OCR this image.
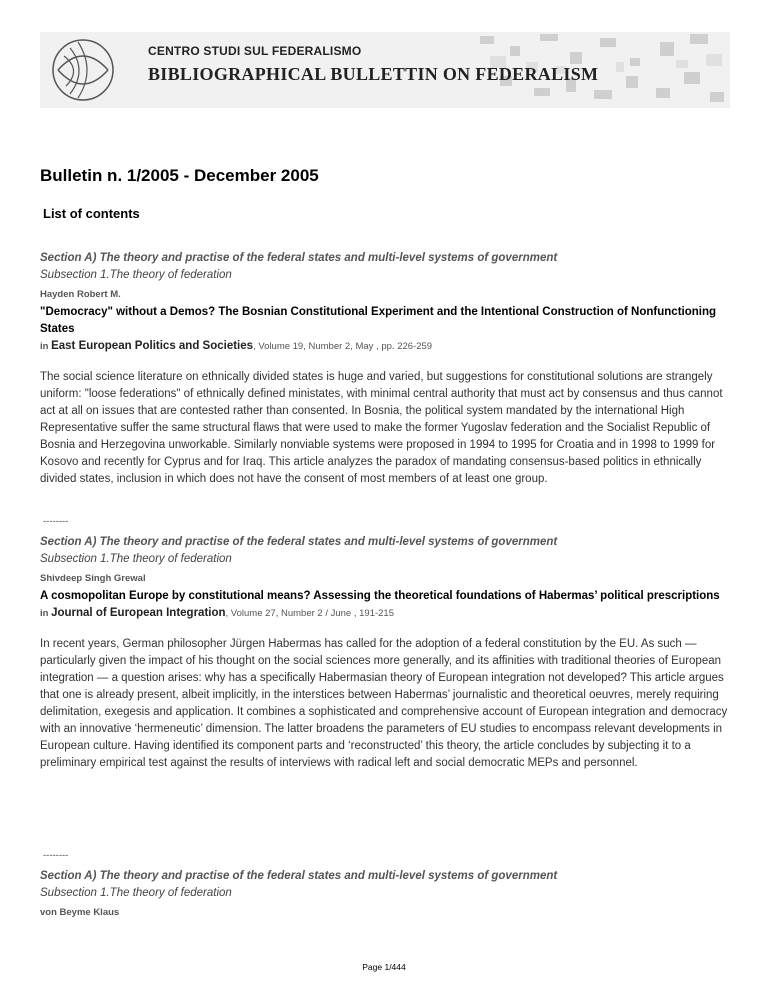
CENTRO STUDI SUL FEDERALISMO
BIBLIOGRAPHICAL BULLETTIN ON FEDERALISM
Bulletin n. 1/2005 - December 2005
List of contents
Section A) The theory and practise of the federal states and multi-level systems of government
Subsection 1.The theory of federation
Hayden Robert M.
"Democracy" without a Demos? The Bosnian Constitutional Experiment and the Intentional Construction of Nonfunctioning States
in East European Politics and Societies, Volume 19, Number 2, May , pp. 226-259
The social science literature on ethnically divided states is huge and varied, but suggestions for constitutional solutions are strangely uniform: "loose federations" of ethnically defined ministates, with minimal central authority that must act by consensus and thus cannot act at all on issues that are contested rather than consented. In Bosnia, the political system mandated by the international High Representative suffer the same structural flaws that were used to make the former Yugoslav federation and the Socialist Republic of Bosnia and Herzegovina unworkable. Similarly nonviable systems were proposed in 1994 to 1995 for Croatia and in 1998 to 1999 for Kosovo and recently for Cyprus and for Iraq. This article analyzes the paradox of mandating consensus-based politics in ethnically divided states, inclusion in which does not have the consent of most members of at least one group.
--------
Section A) The theory and practise of the federal states and multi-level systems of government
Subsection 1.The theory of federation
Shivdeep Singh Grewal
A cosmopolitan Europe by constitutional means? Assessing the theoretical foundations of Habermas’ political prescriptions
in Journal of European Integration, Volume 27, Number 2 / June , 191-215
In recent years, German philosopher Jürgen Habermas has called for the adoption of a federal constitution by the EU. As such — particularly given the impact of his thought on the social sciences more generally, and its affinities with traditional theories of European integration — a question arises: why has a specifically Habermasian theory of European integration not developed? This article argues that one is already present, albeit implicitly, in the interstices between Habermas’ journalistic and theoretical oeuvres, merely requiring delimitation, exegesis and application. It combines a sophisticated and comprehensive account of European integration and democracy with an innovative ‘hermeneutic’ dimension. The latter broadens the parameters of EU studies to encompass relevant developments in European culture. Having identified its component parts and ‘reconstructed’ this theory, the article concludes by subjecting it to a preliminary empirical test against the results of interviews with radical left and social democratic MEPs and personnel.
--------
Section A) The theory and practise of the federal states and multi-level systems of government
Subsection 1.The theory of federation
von Beyme Klaus
Page 1/444
